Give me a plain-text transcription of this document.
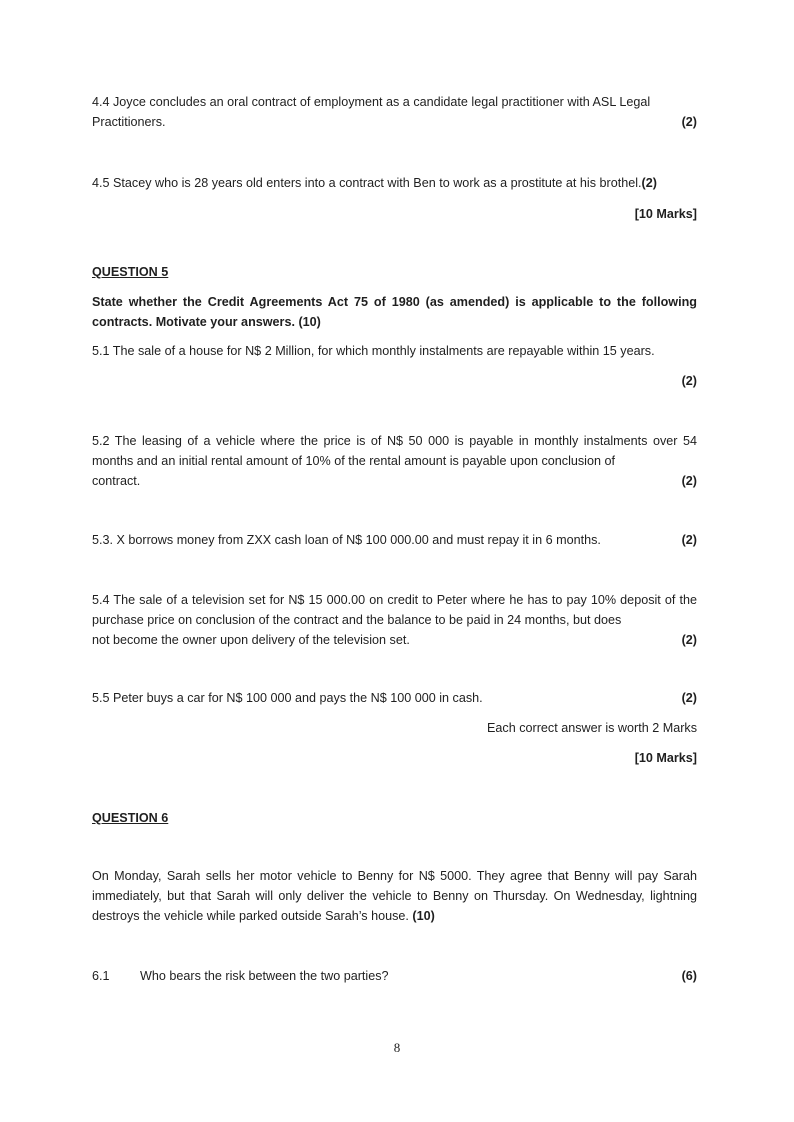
4.4 Joyce concludes an oral contract of employment as a candidate legal practitioner with ASL Legal

Practitioners.	(2)

4.5 Stacey who is 28 years old enters into a contract with Ben to work as a prostitute at his brothel.(2)

[10 Marks]
QUESTION 5
State whether the Credit Agreements Act 75 of 1980 (as amended) is applicable to the following contracts. Motivate your answers. (10)
5.1 The sale of a house for N$ 2 Million, for which monthly instalments are repayable within 15 years.
(2)

5.2 The leasing of a vehicle where the price is of N$ 50 000 is payable in monthly instalments over 54 months and an initial rental amount of 10% of the rental amount is payable upon conclusion of

contract.	(2)
5.3. X borrows money from ZXX cash loan of N$ 100 000.00 and must repay it in 6 months.	(2)

5.4 The sale of a television set for N$ 15 000.00 on credit to Peter where he has to pay 10% deposit of the purchase price on conclusion of the contract and the balance to be paid in 24 months, but does

not become the owner upon delivery of the television set.	(2)
5.5 Peter buys a car for N$ 100 000 and pays the N$ 100 000 in cash.	(2)
Each correct answer is worth 2 Marks
[10 Marks]
QUESTION 6

On Monday, Sarah sells her motor vehicle to Benny for N$ 5000. They agree that Benny will pay Sarah immediately, but that Sarah will only deliver the vehicle to Benny on Thursday. On Wednesday, lightning destroys the vehicle while parked outside Sarah’s house. (10)

6.1 Who bears the risk between the two parties?	(6)
8
